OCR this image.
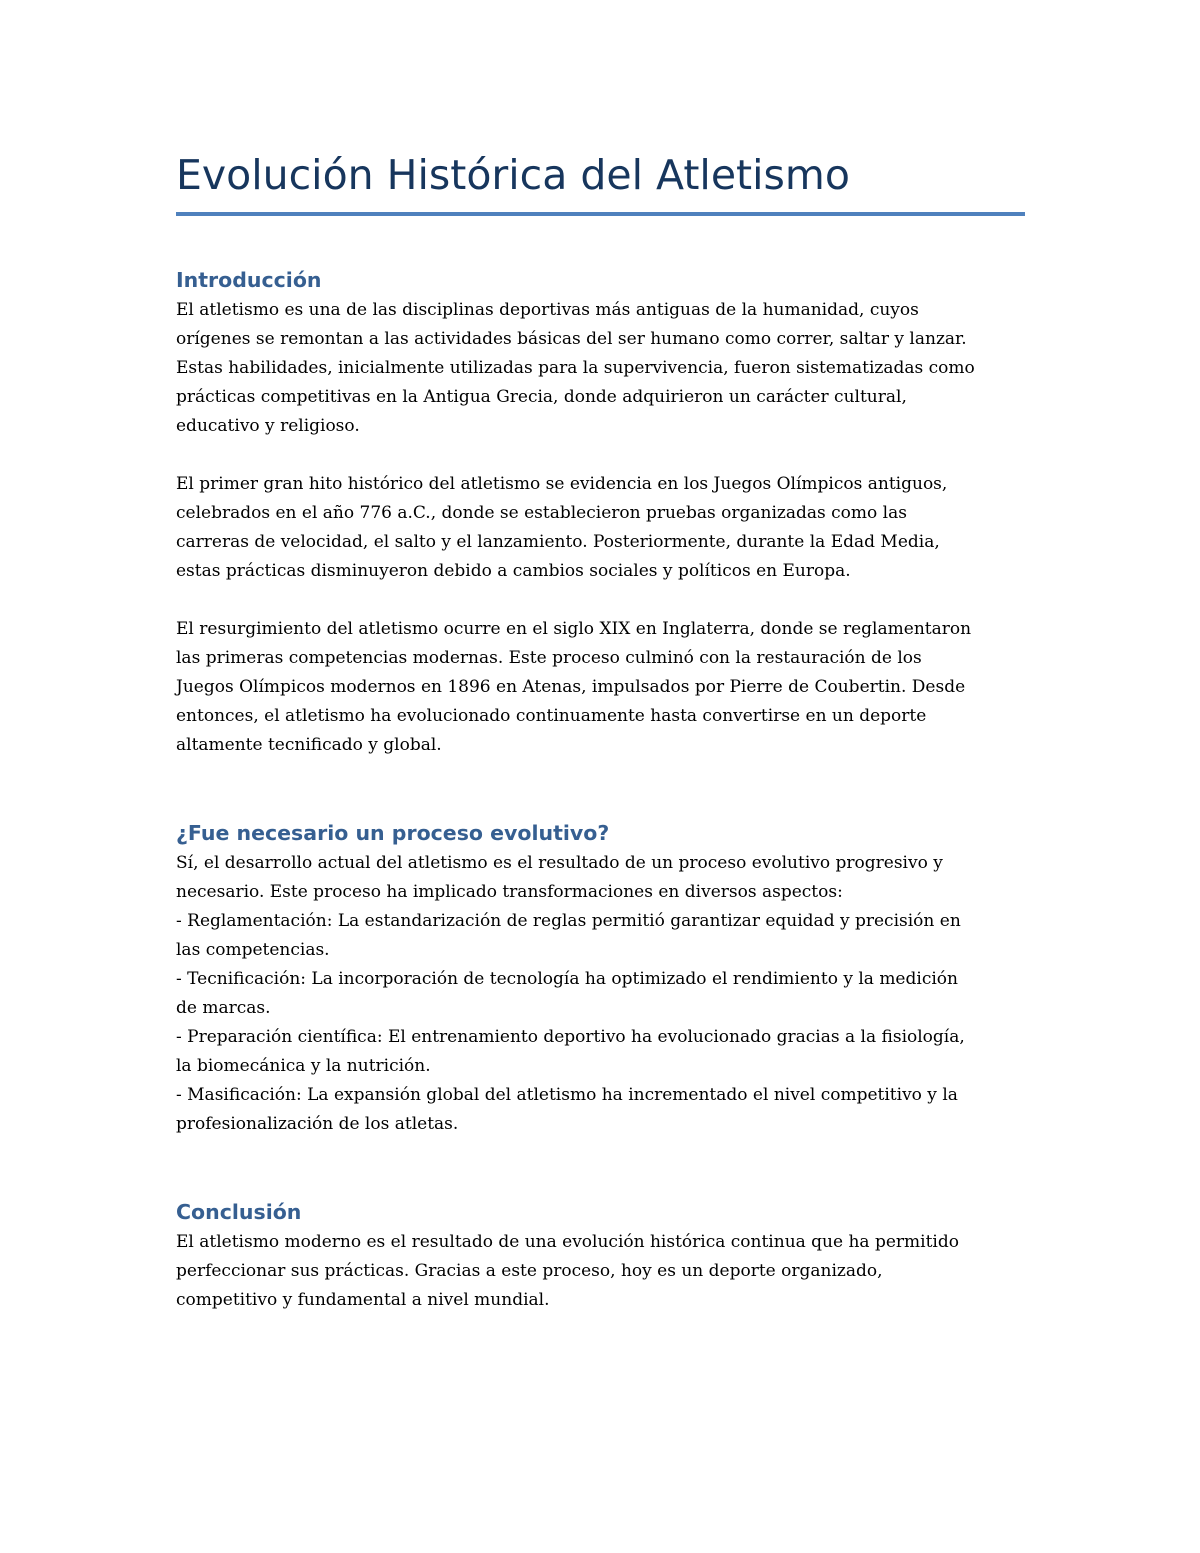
Evolución Histórica del Atletismo
Introducción

El atletismo es una de las disciplinas deportivas más antiguas de la humanidad, cuyos
orígenes se remontan a las actividades básicas del ser humano como correr, saltar y lanzar.
Estas habilidades, inicialmente utilizadas para la supervivencia, fueron sistematizadas como
prácticas competitivas en la Antigua Grecia, donde adquirieron un carácter cultural,
educativo y religioso.

El primer gran hito histórico del atletismo se evidencia en los Juegos Olímpicos antiguos,
celebrados en el año 776 a.C., donde se establecieron pruebas organizadas como las
carreras de velocidad, el salto y el lanzamiento. Posteriormente, durante la Edad Media,
estas prácticas disminuyeron debido a cambios sociales y políticos en Europa.

El resurgimiento del atletismo ocurre en el siglo XIX en Inglaterra, donde se reglamentaron
las primeras competencias modernas. Este proceso culminó con la restauración de los
Juegos Olímpicos modernos en 1896 en Atenas, impulsados por Pierre de Coubertin. Desde
entonces, el atletismo ha evolucionado continuamente hasta convertirse en un deporte
altamente tecnificado y global.

¿Fue necesario un proceso evolutivo?

Sí, el desarrollo actual del atletismo es el resultado de un proceso evolutivo progresivo y
necesario. Este proceso ha implicado transformaciones en diversos aspectos:
- Reglamentación: La estandarización de reglas permitió garantizar equidad y precisión en
las competencias.
- Tecnificación: La incorporación de tecnología ha optimizado el rendimiento y la medición
de marcas.
- Preparación científica: El entrenamiento deportivo ha evolucionado gracias a la fisiología,
la biomecánica y la nutrición.
- Masificación: La expansión global del atletismo ha incrementado el nivel competitivo y la
profesionalización de los atletas.

Conclusión

El atletismo moderno es el resultado de una evolución histórica continua que ha permitido
perfeccionar sus prácticas. Gracias a este proceso, hoy es un deporte organizado,
competitivo y fundamental a nivel mundial.
